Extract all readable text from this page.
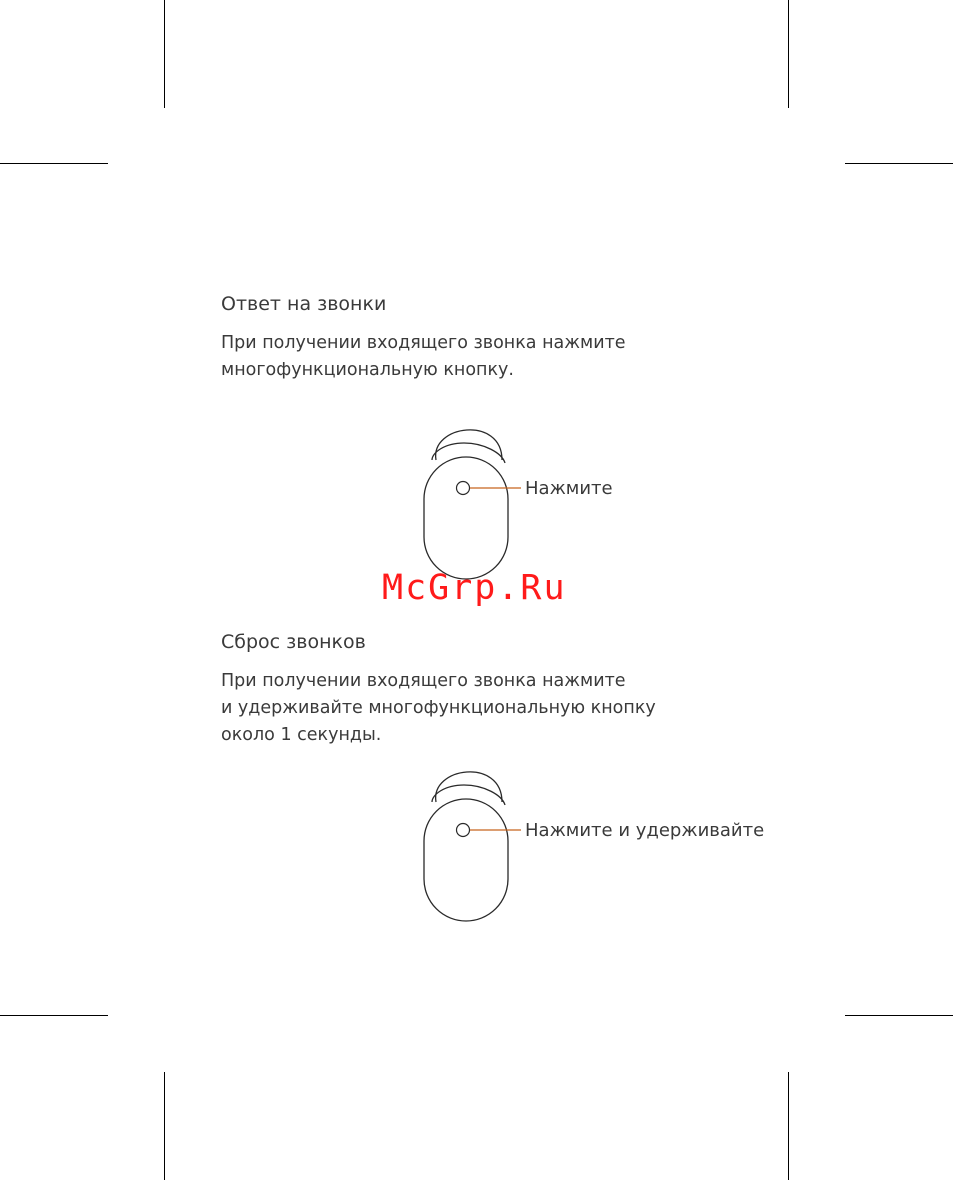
Ответ на звонки
При получении входящего звонка нажмите
многофункциональную кнопку.
Нажмите
McGrp.Ru
Сброс звонков
При получении входящего звонка нажмите
и удерживайте многофункциональную кнопку
около 1 секунды.
Нажмите и удерживайте
